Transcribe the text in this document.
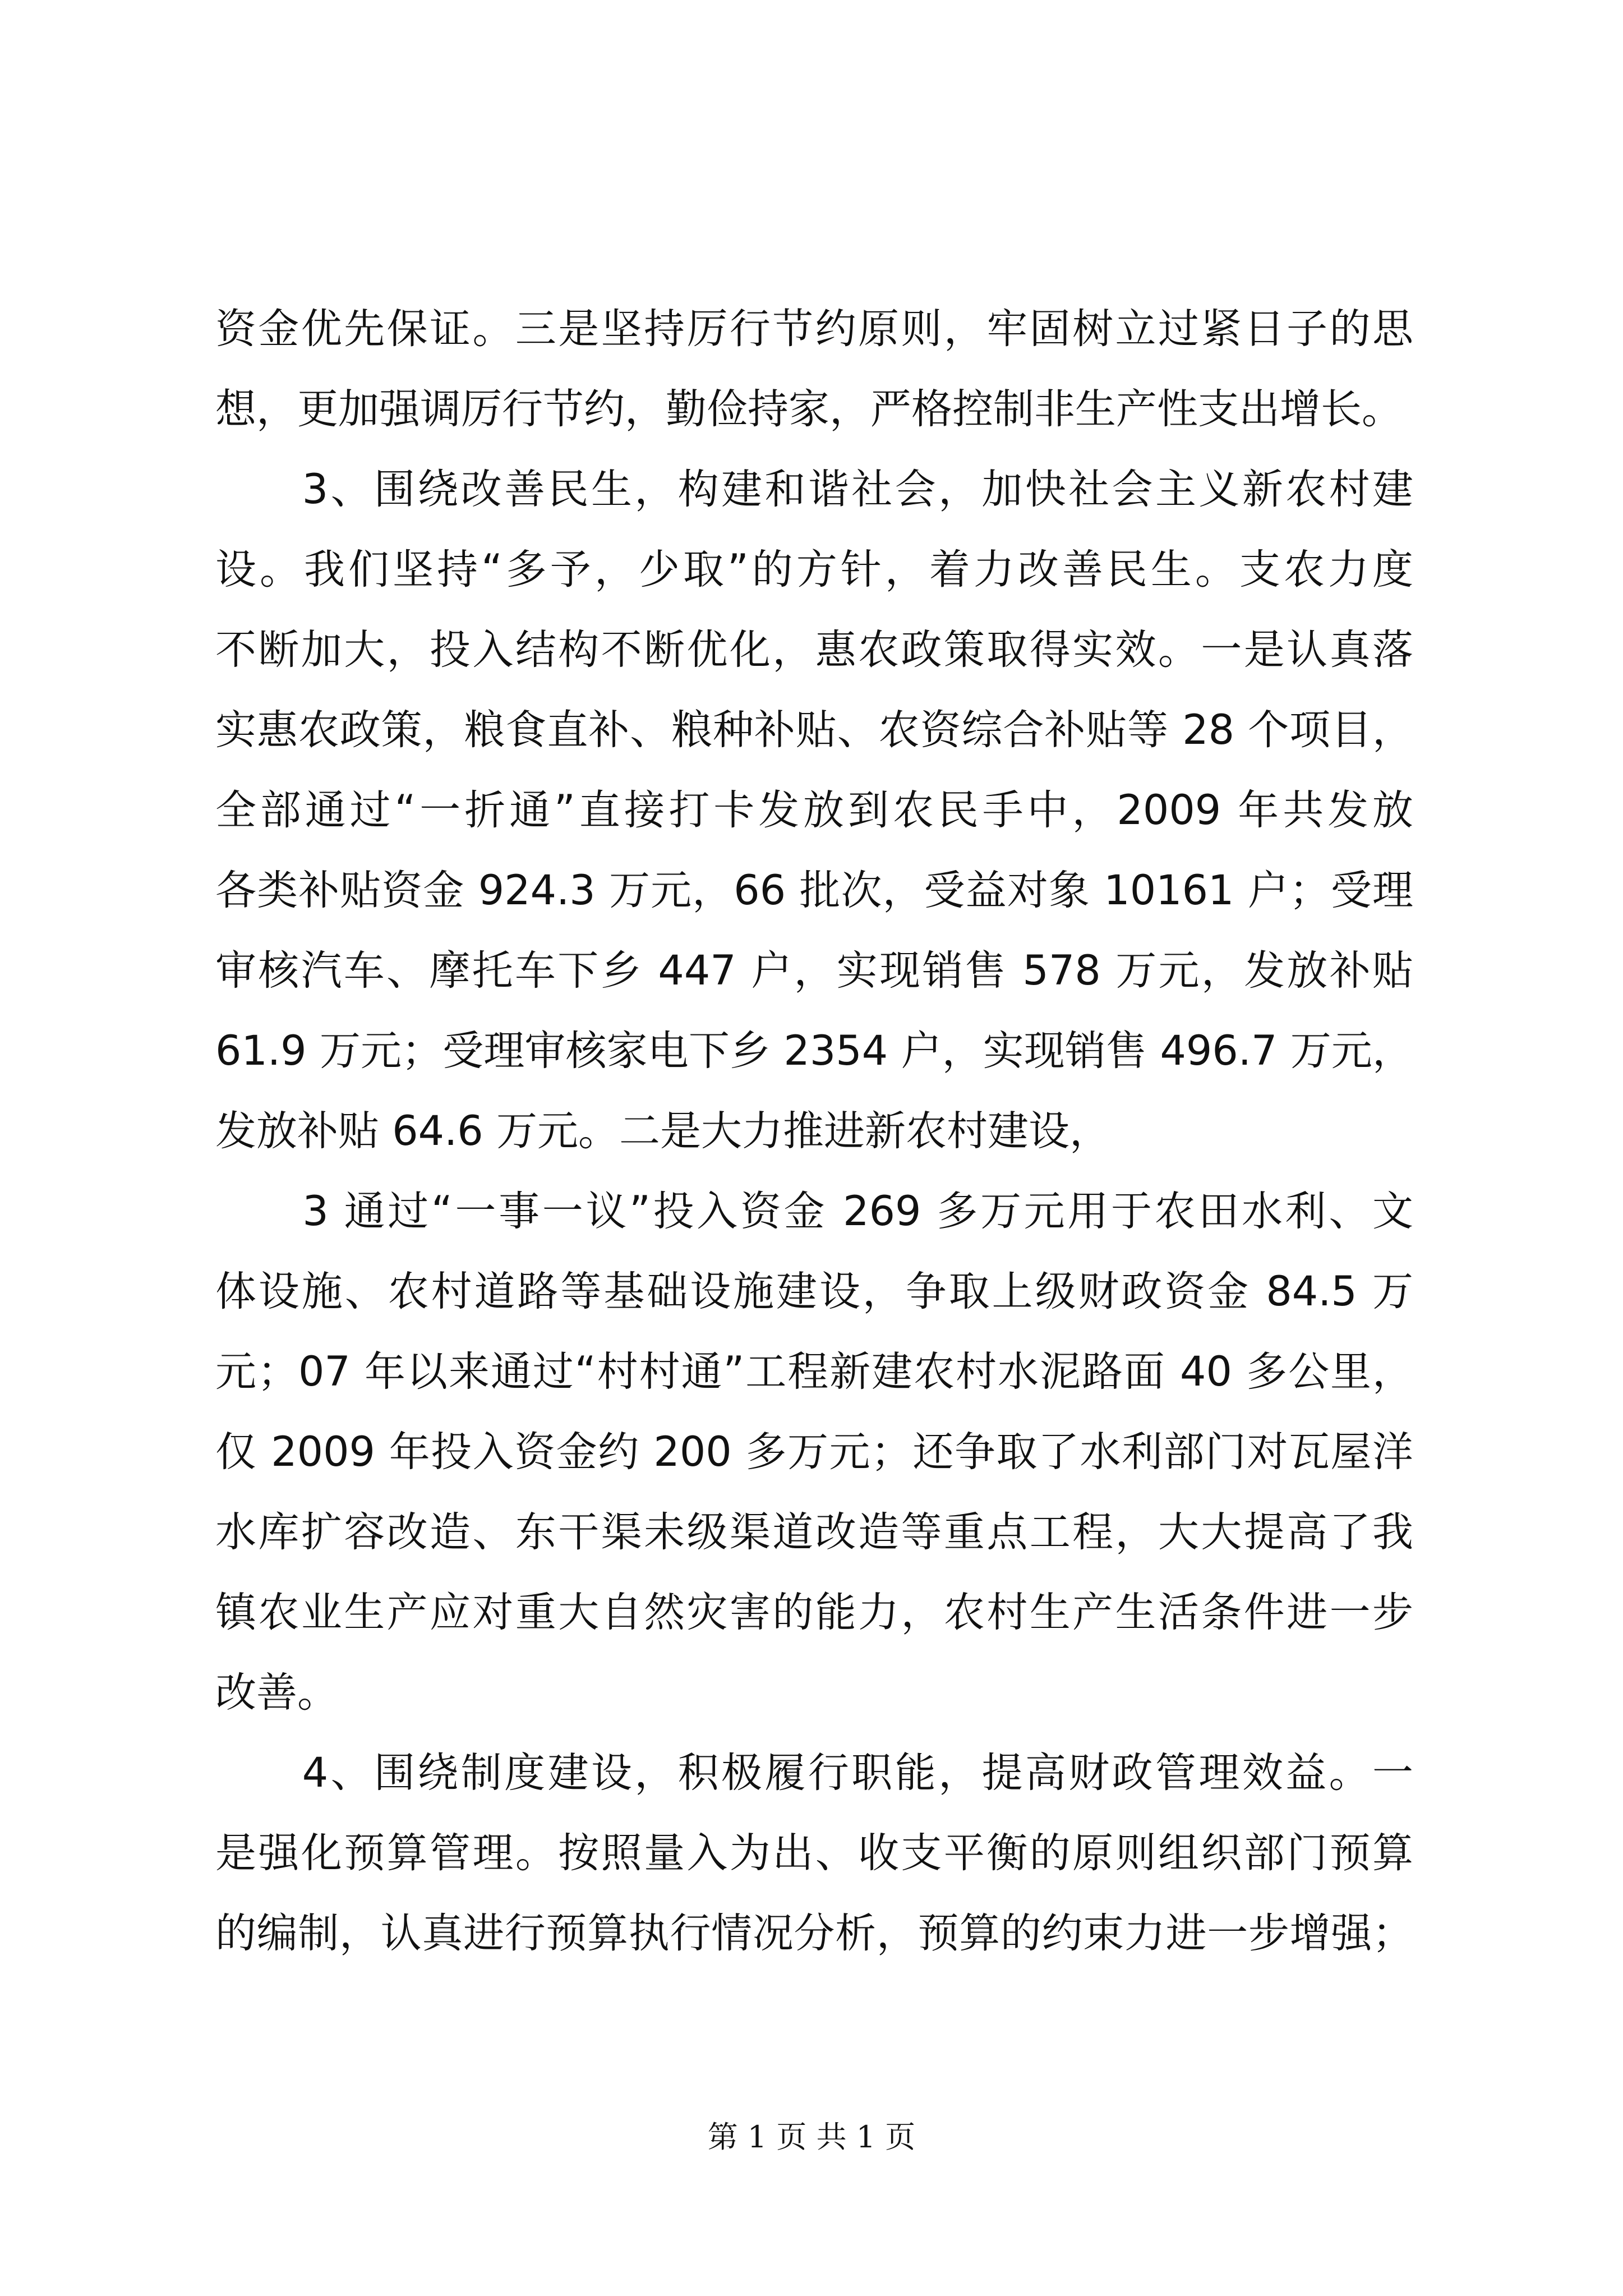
资金优先保证。三是坚持厉行节约原则，牢固树立过紧日子的思
想，更加强调厉行节约，勤俭持家，严格控制非生产性支出增长。
　　3、围绕改善民生，构建和谐社会，加快社会主义新农村建
设。我们坚持“多予，少取”的方针，着力改善民生。支农力度
不断加大，投入结构不断优化，惠农政策取得实效。一是认真落
实惠农政策，粮食直补、粮种补贴、农资综合补贴等 28 个项目，
全部通过“一折通”直接打卡发放到农民手中，2009 年共发放
各类补贴资金 924.3 万元，66 批次，受益对象 10161 户；受理
审核汽车、摩托车下乡 447 户，实现销售 578 万元，发放补贴
61.9 万元；受理审核家电下乡 2354 户，实现销售 496.7 万元，
发放补贴 64.6 万元。二是大力推进新农村建设，
　　3 通过“一事一议”投入资金 269 多万元用于农田水利、文
体设施、农村道路等基础设施建设，争取上级财政资金 84.5 万
元；07 年以来通过“村村通”工程新建农村水泥路面 40 多公里，
仅 2009 年投入资金约 200 多万元；还争取了水利部门对瓦屋洋
水库扩容改造、东干渠未级渠道改造等重点工程，大大提高了我
镇农业生产应对重大自然灾害的能力，农村生产生活条件进一步
改善。
　　4、围绕制度建设，积极履行职能，提高财政管理效益。一
是强化预算管理。按照量入为出、收支平衡的原则组织部门预算
的编制，认真进行预算执行情况分析，预算的约束力进一步增强；
第 1 页 共 1 页
